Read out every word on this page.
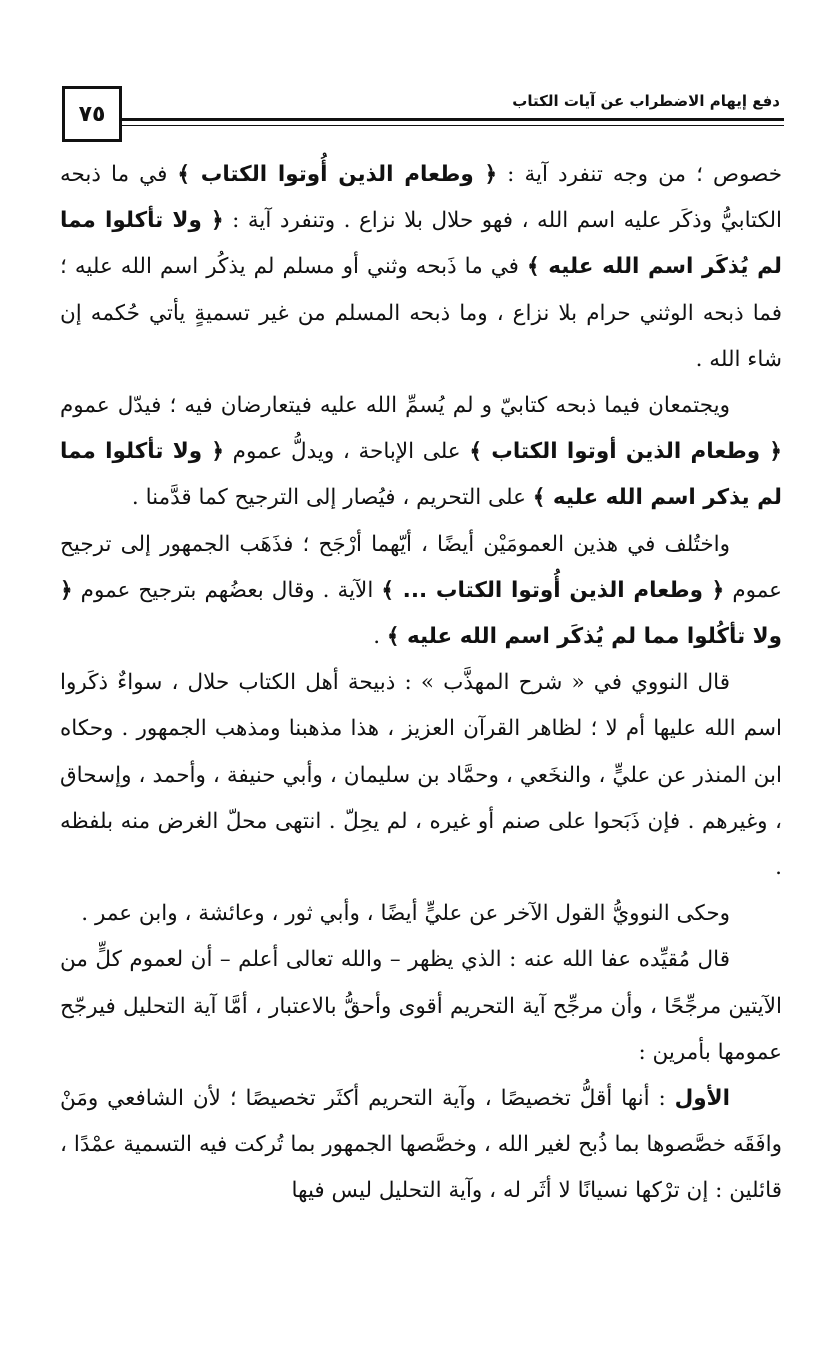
٧٥
دفع إيهام الاضطراب عن آيات الكتاب

خصوص ؛ من وجه تنفرد آية : ﴿ وطعام الذين أُوتوا الكتاب ﴾ في ما ذبحه الكتابيُّ وذكَر عليه اسم الله ، فهو حلال بلا نزاع . وتنفرد آية : ﴿ ولا تأكلوا مما لم يُذكَر اسم الله عليه ﴾ في ما ذَبحه وثني أو مسلم لم يذكُر اسم الله عليه ؛ فما ذبحه الوثني حرام بلا نزاع ، وما ذبحه المسلم من غير تسميةٍ يأتي حُكمه إن شاء الله .

ويجتمعان فيما ذبحه كتابيّ و لم يُسمِّ الله عليه فيتعارضان فيه ؛ فيدّل عموم ﴿ وطعام الذين أوتوا الكتاب ﴾ على الإباحة ، ويدلُّ عموم ﴿ ولا تأكلوا مما لم يذكر اسم الله عليه ﴾ على التحريم ، فيُصار إلى الترجيح كما قدَّمنا .

واختُلف في هذين العمومَيْن أيضًا ، أيّهما أرْجَح ؛ فذَهَب الجمهور إلى ترجيح عموم ﴿ وطعام الذين أُوتوا الكتاب ... ﴾ الآية . وقال بعضُهم بترجيح عموم ﴿ ولا تأكُلوا مما لم يُذكَر اسم الله عليه ﴾ .

قال النووي في « شرح المهذَّب » : ذبيحة أهل الكتاب حلال ، سواءٌ ذكَروا اسم الله عليها أم لا ؛ لظاهر القرآن العزيز ، هذا مذهبنا ومذهب الجمهور . وحكاه ابن المنذر عن عليٍّ ، والنخَعي ، وحمَّاد بن سليمان ، وأبي حنيفة ، وأحمد ، وإسحاق ، وغيرهم . فإن ذَبَحوا على صنم أو غيره ، لم يحِلّ . انتهى محلّ الغرض منه بلفظه .

وحكى النوويُّ القول الآخر عن عليٍّ أيضًا ، وأبي ثور ، وعائشة ، وابن عمر .

قال مُقيِّده عفا الله عنه : الذي يظهر – والله تعالى أعلم – أن لعموم كلٍّ من الآيتين مرجِّحًا ، وأن مرجِّح آية التحريم أقوى وأحقُّ بالاعتبار ، أمَّا آية التحليل فيرجّح عمومها بأمرين :

الأول : أنها أقلُّ تخصيصًا ، وآية التحريم أكثَر تخصيصًا ؛ لأن الشافعي ومَنْ وافَقَه خصَّصوها بما ذُبح لغير الله ، وخصَّصها الجمهور بما تُركت فيه التسمية عمْدًا ، قائلين : إن ترْكها نسيانًا لا أثَر له ، وآية التحليل ليس فيها
